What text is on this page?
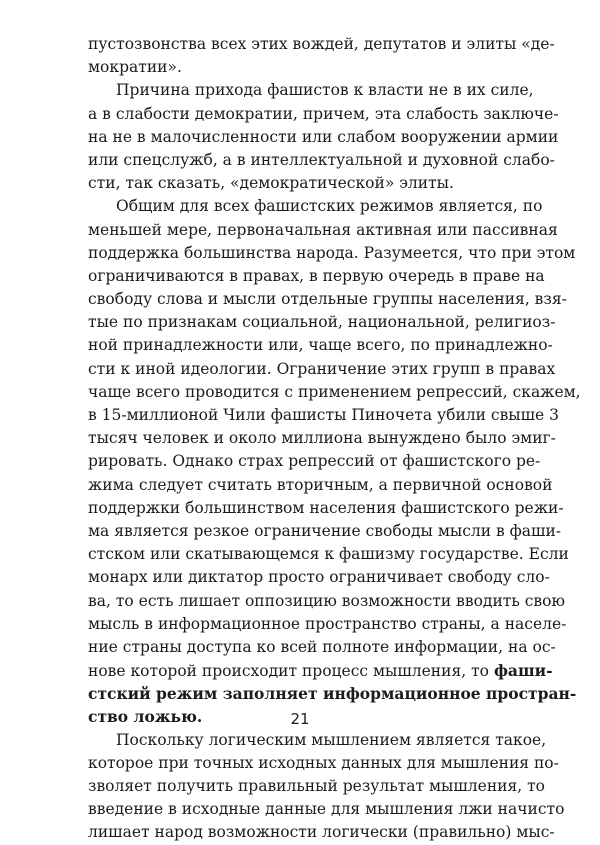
пустозвонства всех этих вождей, депутатов и элиты «де-
мократии».
Причина прихода фашистов к власти не в их силе,
а в слабости демократии, причем, эта слабость заключе-
на не в малочисленности или слабом вооружении армии
или спецслужб, а в интеллектуальной и духовной слабо-
сти, так сказать, «демократической» элиты.
Общим для всех фашистских режимов является, по
меньшей мере, первоначальная активная или пассивная
поддержка большинства народа. Разумеется, что при этом
ограничиваются в правах, в первую очередь в праве на
свободу слова и мысли отдельные группы населения, взя-
тые по признакам социальной, национальной, религиоз-
ной принадлежности или, чаще всего, по принадлежно-
сти к иной идеологии. Ограничение этих групп в правах
чаще всего проводится с применением репрессий, скажем,
в 15-миллионой Чили фашисты Пиночета убили свыше 3
тысяч человек и около миллиона вынуждено было эмиг-
рировать. Однако страх репрессий от фашистского ре-
жима следует считать вторичным, а первичной основой
поддержки большинством населения фашистского режи-
ма является резкое ограничение свободы мысли в фаши-
стском или скатывающемся к фашизму государстве. Если
монарх или диктатор просто ограничивает свободу сло-
ва, то есть лишает оппозицию возможности вводить свою
мысль в информационное пространство страны, а населе-
ние страны доступа ко всей полноте информации, на ос-
нове которой происходит процесс мышления, то фаши-
стский режим заполняет информационное простран-
ство ложью.
Поскольку логическим мышлением является такое,
которое при точных исходных данных для мышления по-
зволяет получить правильный результат мышления, то
введение в исходные данные для мышления лжи начисто
лишает народ возможности логически (правильно) мыс-
21
